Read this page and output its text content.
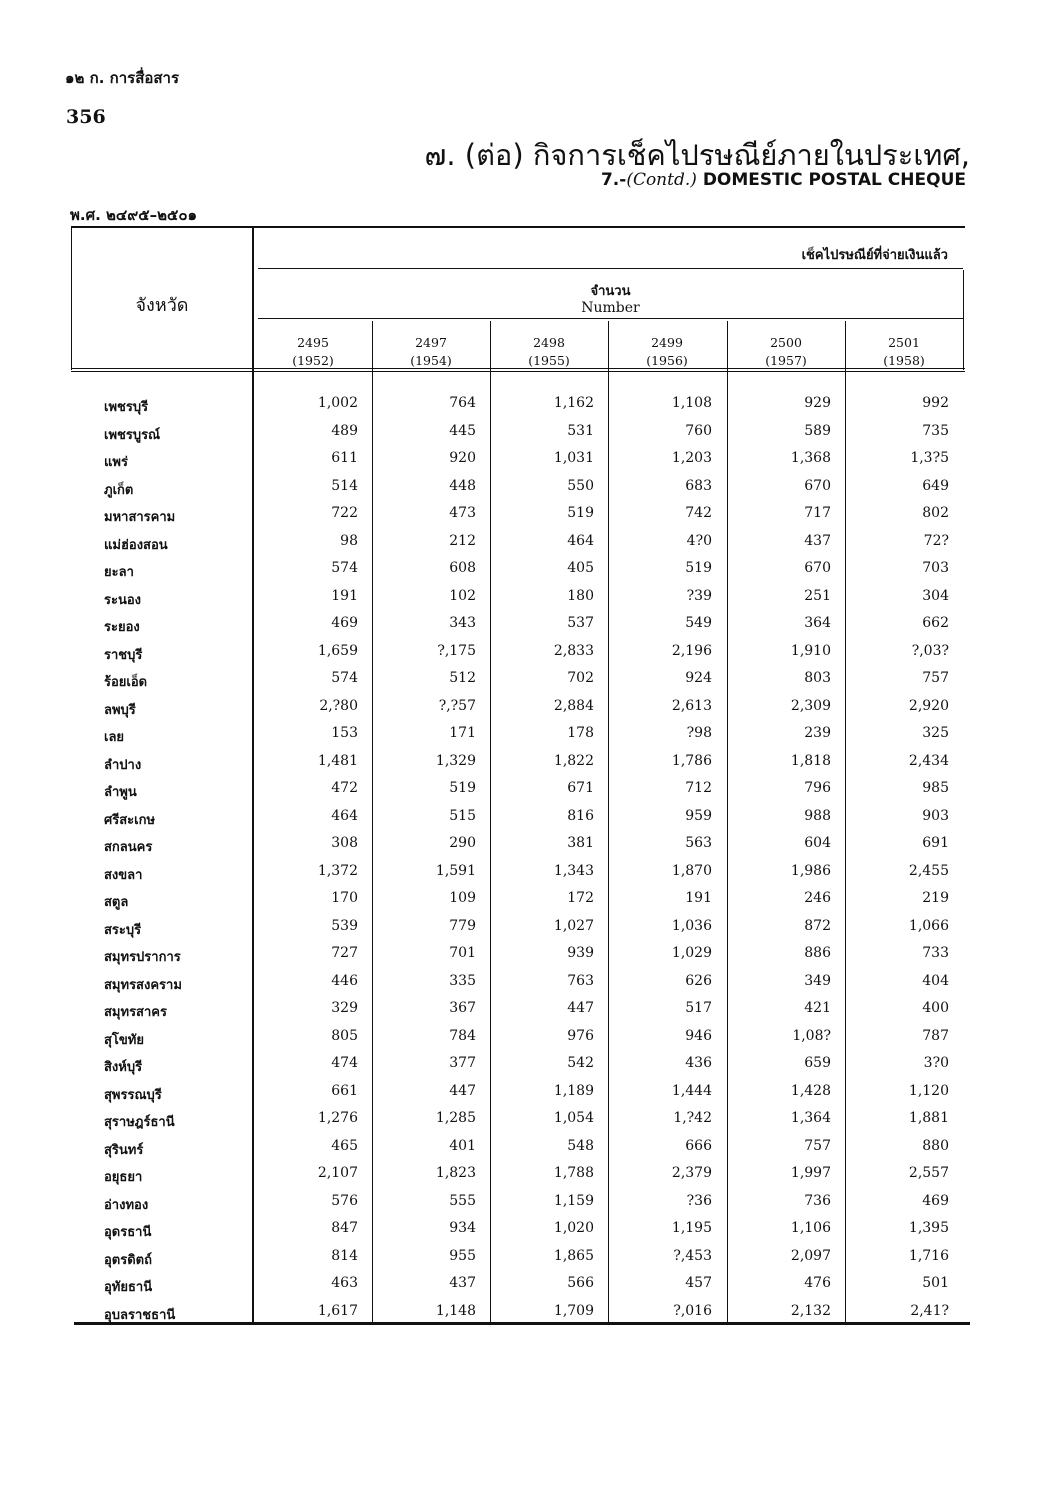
๑๒ ก. การสื่อสาร
356
๗. (ต่อ) กิจการเช็คไปรษณีย์ภายในประเทศ,
7.-(Contd.) DOMESTIC POSTAL CHEQUE
พ.ศ. ๒๔๙๕–๒๕๐๑
เช็คไปรษณีย์ที่จ่ายเงินแล้ว
จังหวัด
จำนวน
Number
2495
(1952)
2497
(1954)
2498
(1955)
2499
(1956)
2500
(1957)
2501
(1958)
เพชรบุรี	1,002	764	1,162	1,108	929	992
เพชรบูรณ์	489	445	531	760	589	735
แพร่	611	920	1,031	1,203	1,368	1,3?5
ภูเก็ต	514	448	550	683	670	649
มหาสารคาม	722	473	519	742	717	802
แม่ฮ่องสอน	98	212	464	4?0	437	72?
ยะลา	574	608	405	519	670	703
ระนอง	191	102	180	?39	251	304
ระยอง	469	343	537	549	364	662
ราชบุรี	1,659	?,175	2,833	2,196	1,910	?,03?
ร้อยเอ็ด	574	512	702	924	803	757
ลพบุรี	2,?80	?,?57	2,884	2,613	2,309	2,920
เลย	153	171	178	?98	239	325
ลำปาง	1,481	1,329	1,822	1,786	1,818	2,434
ลำพูน	472	519	671	712	796	985
ศรีสะเกษ	464	515	816	959	988	903
สกลนคร	308	290	381	563	604	691
สงขลา	1,372	1,591	1,343	1,870	1,986	2,455
สตูล	170	109	172	191	246	219
สระบุรี	539	779	1,027	1,036	872	1,066
สมุทรปราการ	727	701	939	1,029	886	733
สมุทรสงคราม	446	335	763	626	349	404
สมุทรสาคร	329	367	447	517	421	400
สุโขทัย	805	784	976	946	1,08?	787
สิงห์บุรี	474	377	542	436	659	3?0
สุพรรณบุรี	661	447	1,189	1,444	1,428	1,120
สุราษฎร์ธานี	1,276	1,285	1,054	1,?42	1,364	1,881
สุรินทร์	465	401	548	666	757	880
อยุธยา	2,107	1,823	1,788	2,379	1,997	2,557
อ่างทอง	576	555	1,159	?36	736	469
อุดรธานี	847	934	1,020	1,195	1,106	1,395
อุตรดิตถ์	814	955	1,865	?,453	2,097	1,716
อุทัยธานี	463	437	566	457	476	501
อุบลราชธานี	1,617	1,148	1,709	?,016	2,132	2,41?
